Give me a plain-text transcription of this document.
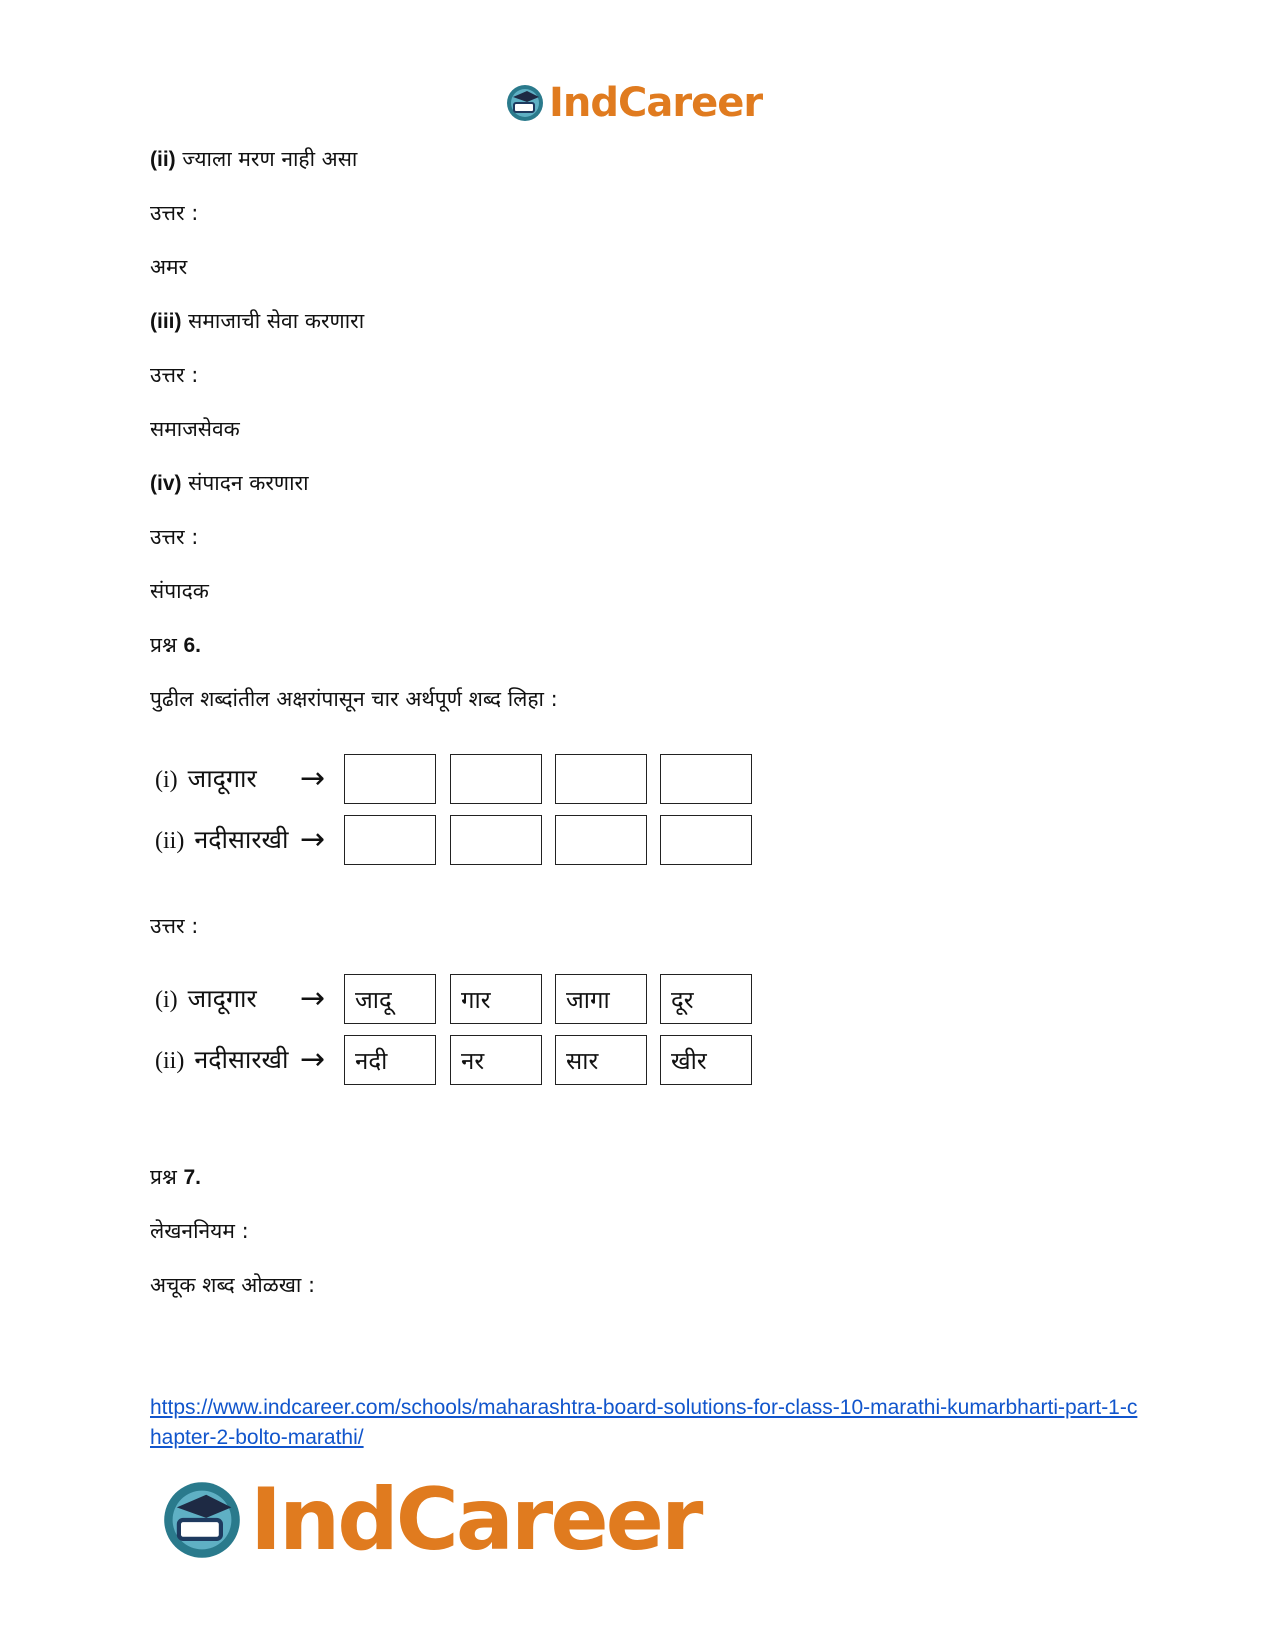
IndCareer
(ii) ज्याला मरण नाही असा
उत्तर :
अमर
(iii) समाजाची सेवा करणारा
उत्तर :
समाजसेवक
(iv) संपादन करणारा
उत्तर :
संपादक
प्रश्न 6.
पुढील शब्दांतील अक्षरांपासून चार अर्थपूर्ण शब्द लिहा :
(i) जादूगार →
(ii) नदीसारखी →
उत्तर :
(i) जादूगार →	जादू	गार	जागा	दूर
(ii) नदीसारखी →	नदी	नर	सार	खीर
प्रश्न 7.
लेखननियम :
अचूक शब्द ओळखा :
https://www.indcareer.com/schools/maharashtra-board-solutions-for-class-10-marathi-kumarbharti-part-1-chapter-2-bolto-marathi/
IndCareer
